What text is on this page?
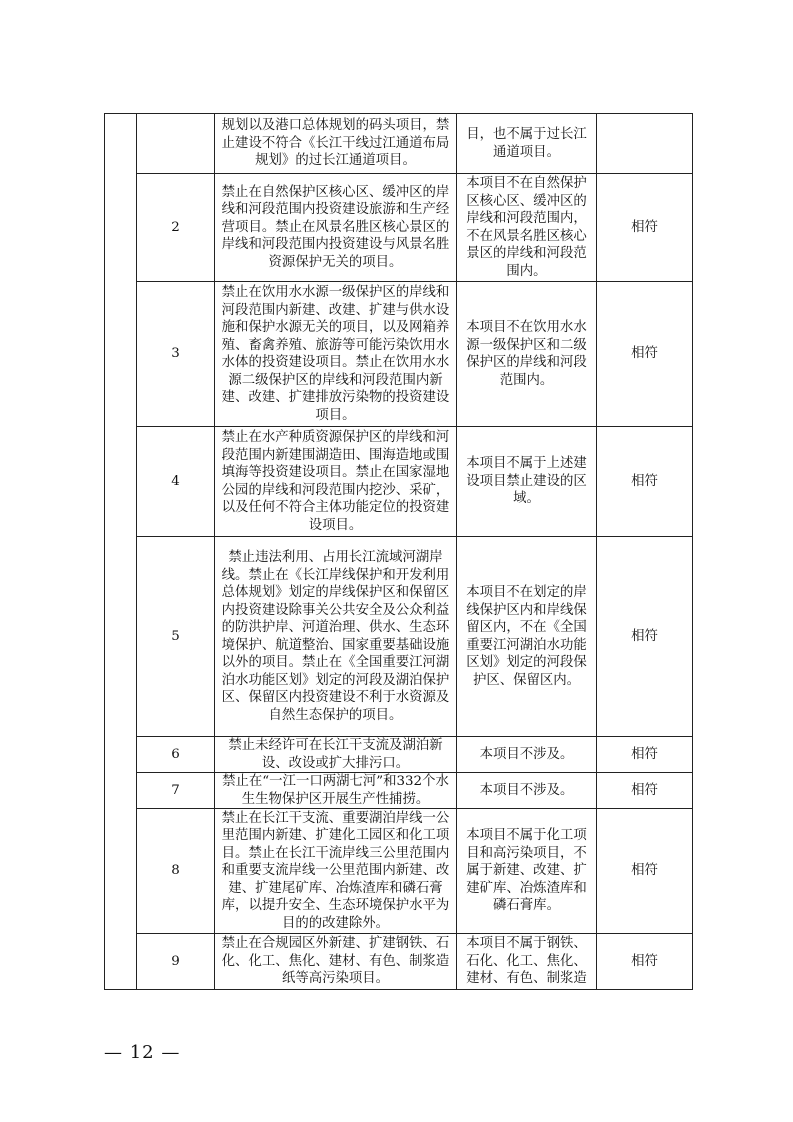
		规划以及港口总体规划的码头项目，禁止建设不符合《长江干线过江通道布局规划》的过长江通道项目。	目，也不属于过长江通道项目。	
	2	禁止在自然保护区核心区、缓冲区的岸线和河段范围内投资建设旅游和生产经营项目。禁止在风景名胜区核心景区的岸线和河段范围内投资建设与风景名胜资源保护无关的项目。	本项目不在自然保护区核心区、缓冲区的岸线和河段范围内，不在风景名胜区核心景区的岸线和河段范围内。	相符
	3	禁止在饮用水水源一级保护区的岸线和河段范围内新建、改建、扩建与供水设施和保护水源无关的项目，以及网箱养殖、畜禽养殖、旅游等可能污染饮用水水体的投资建设项目。禁止在饮用水水源二级保护区的岸线和河段范围内新建、改建、扩建排放污染物的投资建设项目。	本项目不在饮用水水源一级保护区和二级保护区的岸线和河段范围内。	相符
	4	禁止在水产种质资源保护区的岸线和河段范围内新建围湖造田、围海造地或围填海等投资建设项目。禁止在国家湿地公园的岸线和河段范围内挖沙、采矿，以及任何不符合主体功能定位的投资建设项目。	本项目不属于上述建设项目禁止建设的区域。	相符
	5	禁止违法利用、占用长江流域河湖岸线。禁止在《长江岸线保护和开发利用总体规划》划定的岸线保护区和保留区内投资建设除事关公共安全及公众利益的防洪护岸、河道治理、供水、生态环境保护、航道整治、国家重要基础设施以外的项目。禁止在《全国重要江河湖泊水功能区划》划定的河段及湖泊保护区、保留区内投资建设不利于水资源及自然生态保护的项目。	本项目不在划定的岸线保护区内和岸线保留区内，不在《全国重要江河湖泊水功能区划》划定的河段保护区、保留区内。	相符
	6	禁止未经许可在长江干支流及湖泊新设、改设或扩大排污口。	本项目不涉及。	相符
	7	禁止在“一江一口两湖七河”和332个水生生物保护区开展生产性捕捞。	本项目不涉及。	相符
	8	禁止在长江干支流、重要湖泊岸线一公里范围内新建、扩建化工园区和化工项目。禁止在长江干流岸线三公里范围内和重要支流岸线一公里范围内新建、改建、扩建尾矿库、冶炼渣库和磷石膏库，以提升安全、生态环境保护水平为目的的改建除外。	本项目不属于化工项目和高污染项目，不属于新建、改建、扩建矿库、冶炼渣库和磷石膏库。	相符
	9	禁止在合规园区外新建、扩建钢铁、石化、化工、焦化、建材、有色、制浆造纸等高污染项目。	本项目不属于钢铁、石化、化工、焦化、建材、有色、制浆造	相符
— 12 —
